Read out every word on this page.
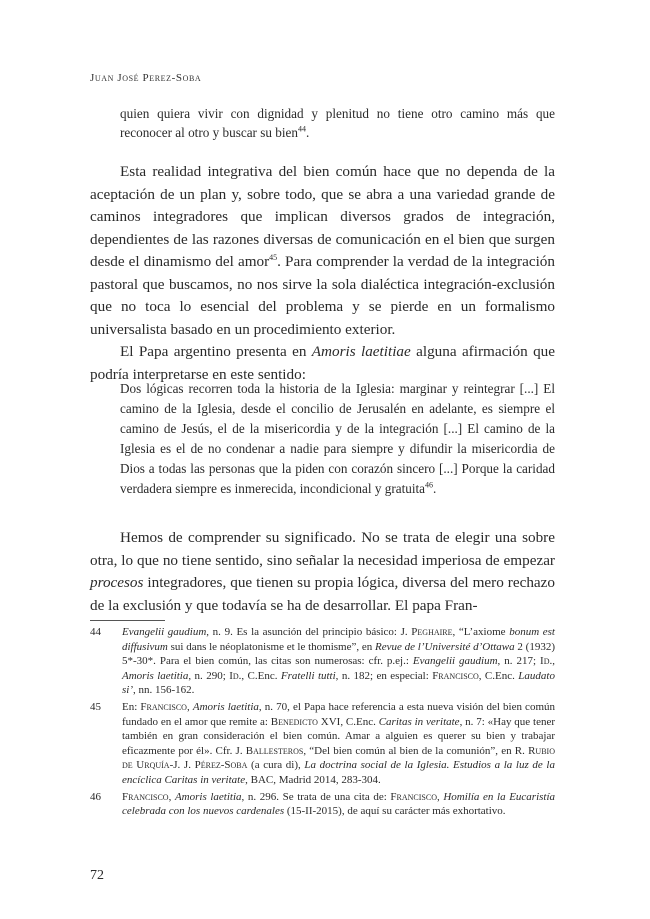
Juan José Perez-Soba
quien quiera vivir con dignidad y plenitud no tiene otro camino más que reconocer al otro y buscar su bien$^{44}$.

Esta realidad integrativa del bien común hace que no dependa de la aceptación de un plan y, sobre todo, que se abra a una variedad grande de caminos integradores que implican diversos grados de integración, dependientes de las razones diversas de comunicación en el bien que surgen desde el dinamismo del amor$^{45}$. Para comprender la verdad de la integración pastoral que buscamos, no nos sirve la sola dialéctica integración-exclusión que no toca lo esencial del problema y se pierde en un formalismo universalista basado en un procedimiento exterior.

El Papa argentino presenta en Amoris laetitiae alguna afirmación que podría interpretarse en este sentido:

Dos lógicas recorren toda la historia de la Iglesia: marginar y reintegrar [...] El camino de la Iglesia, desde el concilio de Jerusalén en adelante, es siempre el camino de Jesús, el de la misericordia y de la integración [...] El camino de la Iglesia es el de no condenar a nadie para siempre y difundir la misericordia de Dios a todas las personas que la piden con corazón sincero [...] Porque la caridad verdadera siempre es inmerecida, incondicional y gratuita$^{46}$.

Hemos de comprender su significado. No se trata de elegir una sobre otra, lo que no tiene sentido, sino señalar la necesidad imperiosa de empezar procesos integradores, que tienen su propia lógica, diversa del mero rechazo de la exclusión y que todavía se ha de desarrollar. El papa Fran-

44	Evangelii gaudium, n. 9. Es la asunción del principio básico: J. Peghaire, “L’axiome bonum est diffusivum sui dans le néoplatonisme et le thomisme”, en Revue de l’Université d’Ottawa 2 (1932) 5*-30*. Para el bien común, las citas son numerosas: cfr. p.ej.: Evangelii gaudium, n. 217; Id., Amoris laetitia, n. 290; Id., C.Enc. Fratelli tutti, n. 182; en especial: Francisco, C.Enc. Laudato si’, nn. 156-162.
45	En: Francisco, Amoris laetitia, n. 70, el Papa hace referencia a esta nueva visión del bien común fundado en el amor que remite a: Benedicto XVI, C.Enc. Caritas in veritate, n. 7: «Hay que tener también en gran consideración el bien común. Amar a alguien es querer su bien y trabajar eficazmente por él». Cfr. J. Ballesteros, “Del bien común al bien de la comunión”, en R. Rubio de Urquía-J. J. Pérez-Soba (a cura di), La doctrina social de la Iglesia. Estudios a la luz de la encíclica Caritas in veritate, BAC, Madrid 2014, 283-304.
46	Francisco, Amoris laetitia, n. 296. Se trata de una cita de: Francisco, Homilía en la Eucaristía celebrada con los nuevos cardenales (15-II-2015), de aquí su carácter más exhortativo.
72
